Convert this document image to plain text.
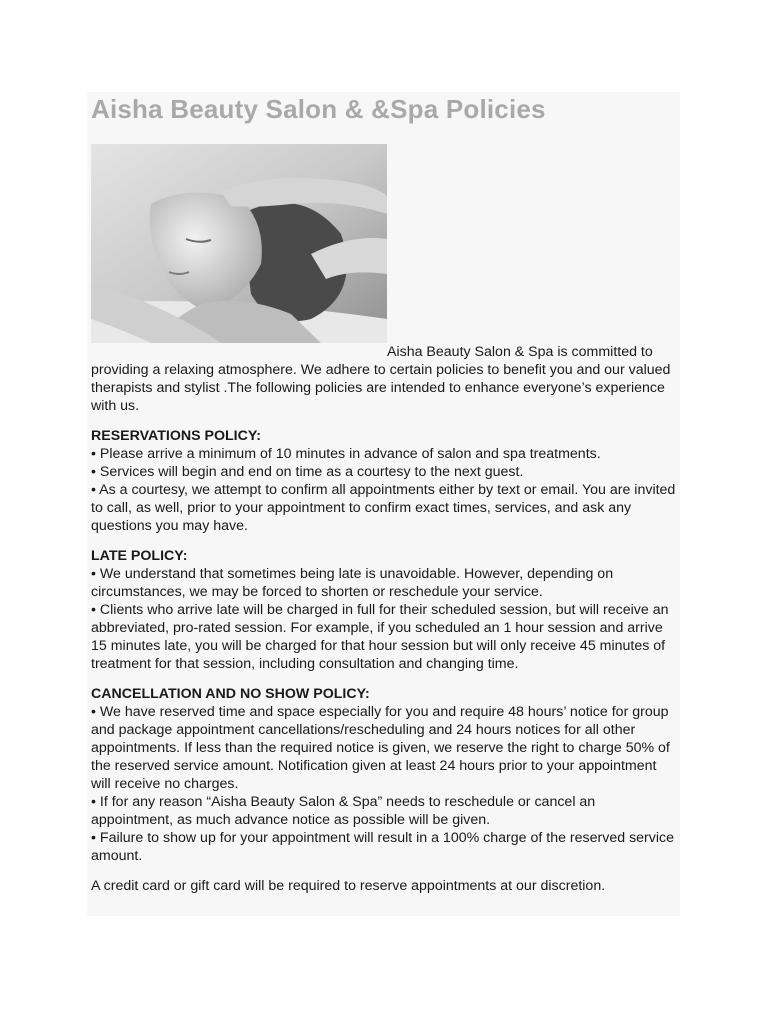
Aisha Beauty Salon & &Spa Policies

Aisha Beauty Salon & Spa is committed to
providing a relaxing atmosphere. We adhere to certain policies to benefit you and our valued therapists and stylist .The following policies are intended to enhance everyone’s experience with us.

RESERVATIONS POLICY:

• Please arrive a minimum of 10 minutes in advance of salon and spa treatments.

• Services will begin and end on time as a courtesy to the next guest.

• As a courtesy, we attempt to confirm all appointments either by text or email. You are invited to call, as well, prior to your appointment to confirm exact times, services, and ask any questions you may have.

LATE POLICY:

• We understand that sometimes being late is unavoidable. However, depending on circumstances, we may be forced to shorten or reschedule your service.

• Clients who arrive late will be charged in full for their scheduled session, but will receive an abbreviated, pro-rated session. For example, if you scheduled an 1 hour session and arrive 15 minutes late, you will be charged for that hour session but will only receive 45 minutes of treatment for that session, including consultation and changing time.

CANCELLATION AND NO SHOW POLICY:

• We have reserved time and space especially for you and require 48 hours’ notice for group and package appointment cancellations/rescheduling and 24 hours notices for all other appointments. If less than the required notice is given, we reserve the right to charge 50% of the reserved service amount. Notification given at least 24 hours prior to your appointment will receive no charges.

• If for any reason “Aisha Beauty Salon & Spa” needs to reschedule or cancel an appointment, as much advance notice as possible will be given.

• Failure to show up for your appointment will result in a 100% charge of the reserved service amount.

A credit card or gift card will be required to reserve appointments at our discretion.
